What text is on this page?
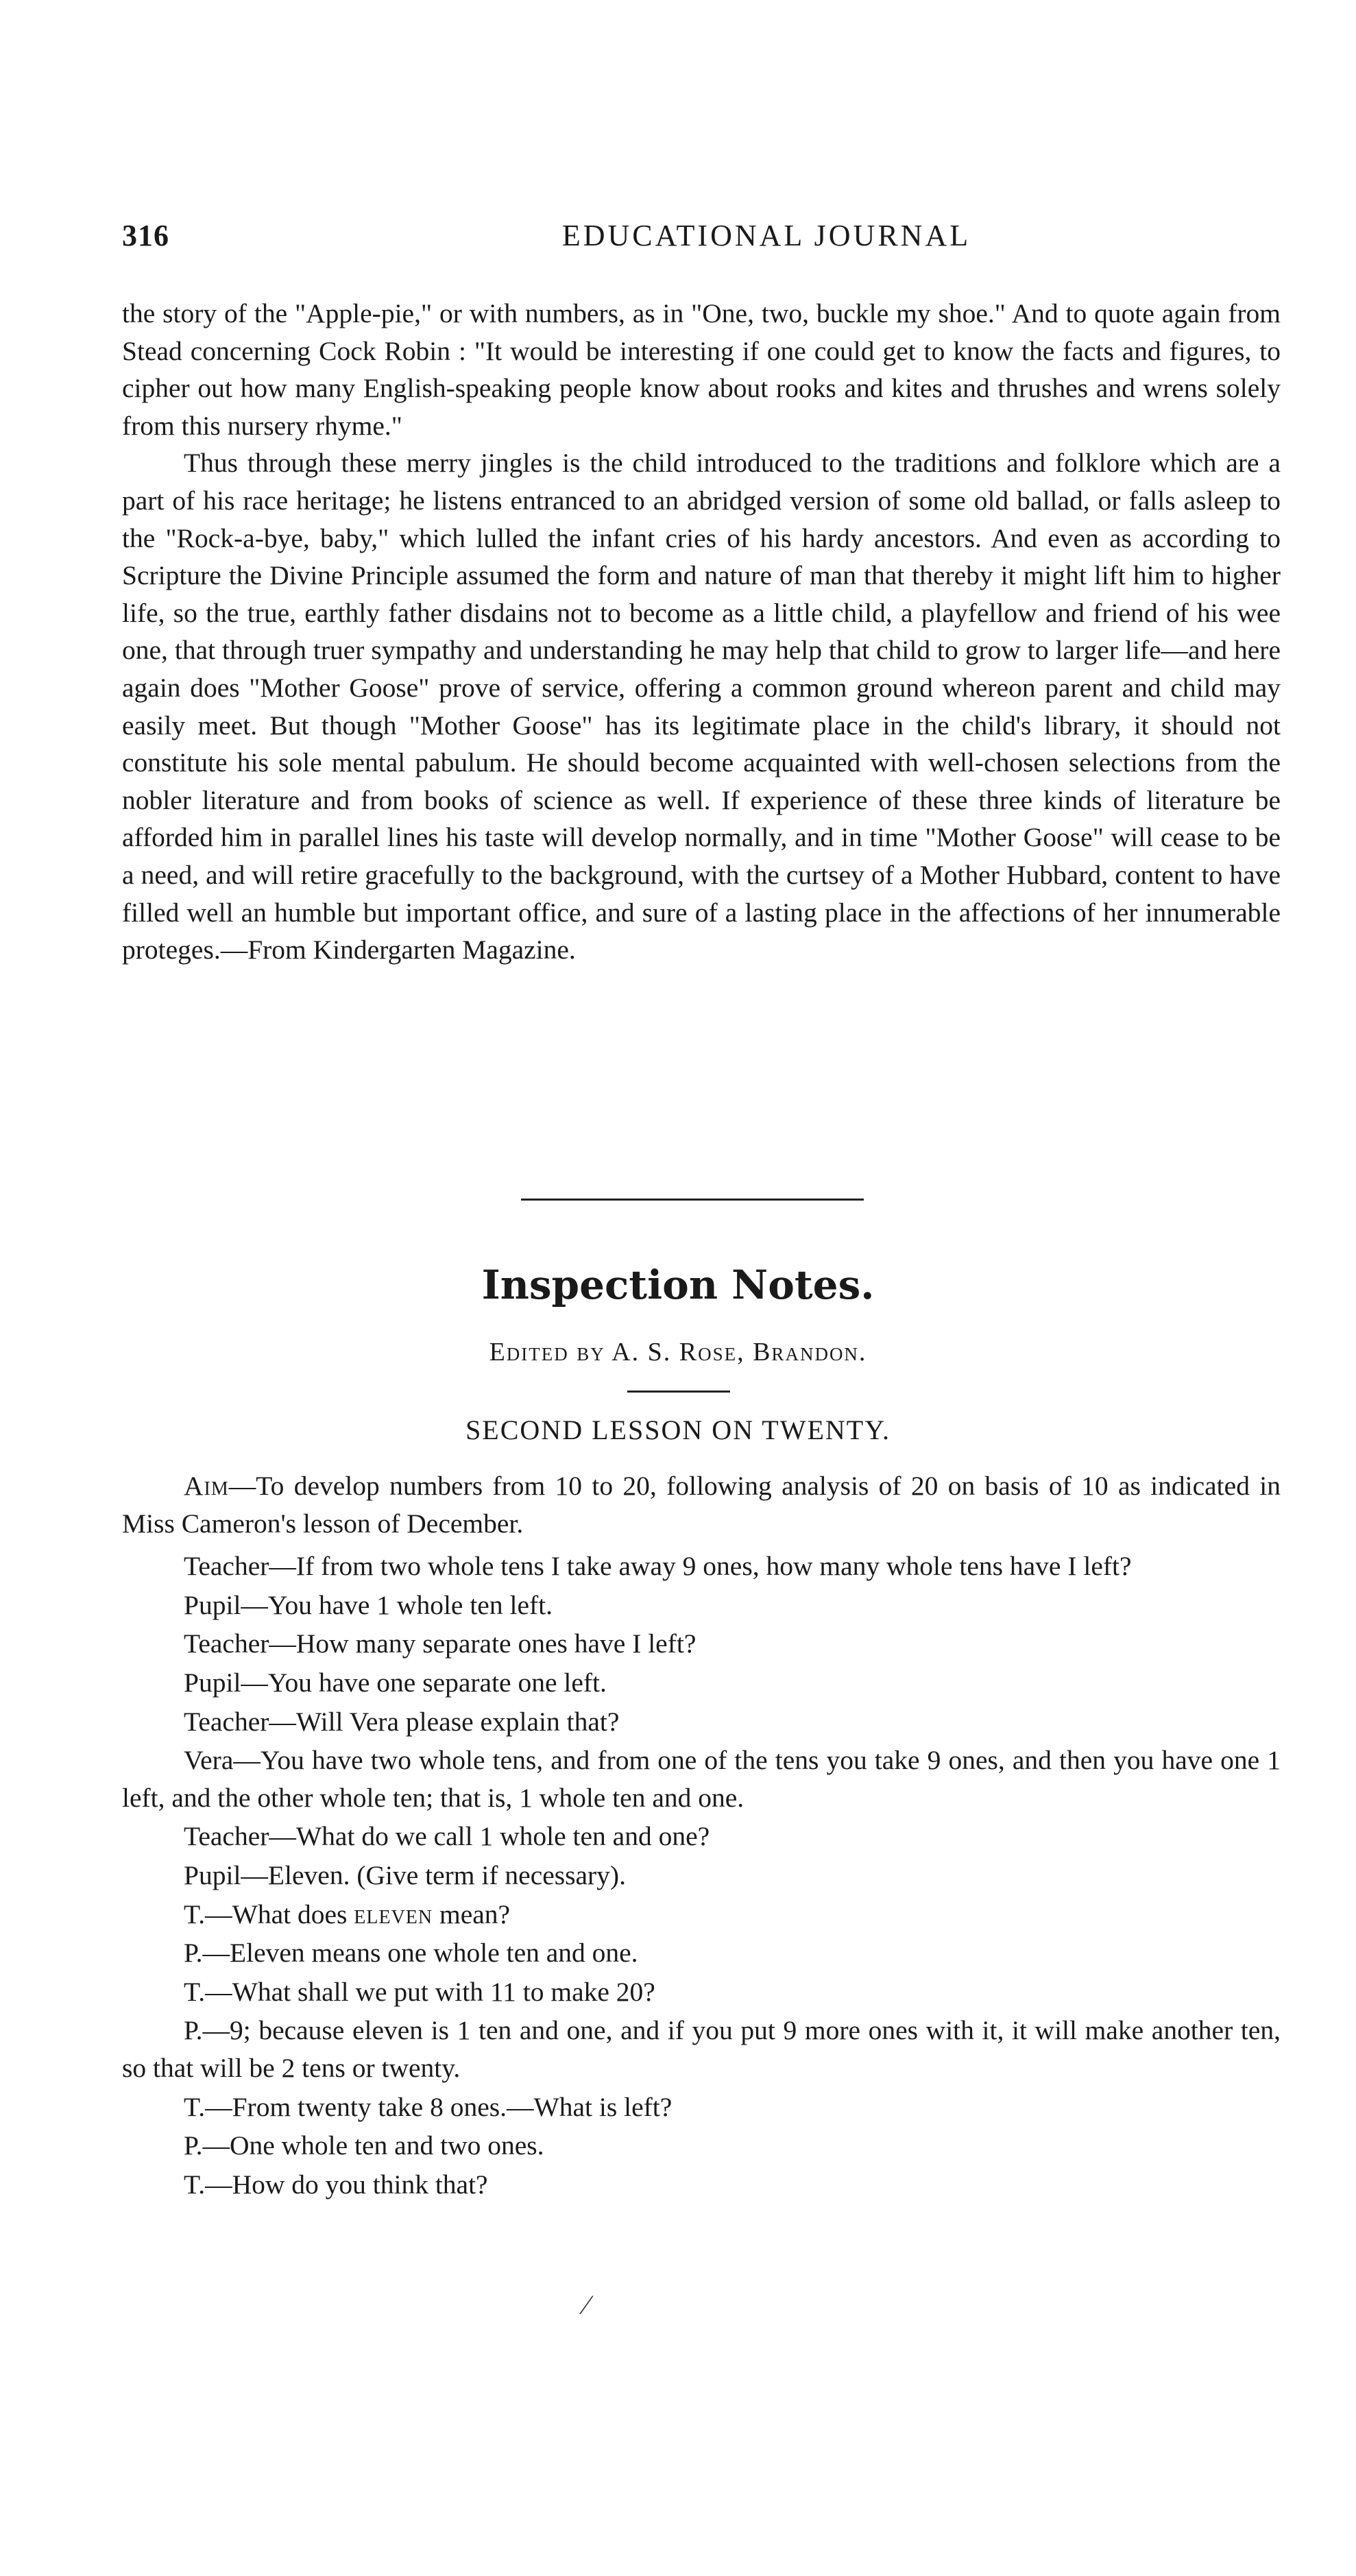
316	EDUCATIONAL JOURNAL

the story of the "Apple-pie," or with numbers, as in "One, two, buckle my shoe." And to quote again from Stead concerning Cock Robin : "It would be interesting if one could get to know the facts and figures, to cipher out how many English-speaking people know about rooks and kites and thrushes and wrens solely from this nursery rhyme."

Thus through these merry jingles is the child introduced to the traditions and folklore which are a part of his race heritage; he listens entranced to an abridged version of some old ballad, or falls asleep to the "Rock-a-bye, baby," which lulled the infant cries of his hardy ancestors. And even as according to Scripture the Divine Principle assumed the form and nature of man that thereby it might lift him to higher life, so the true, earthly father disdains not to become as a little child, a playfellow and friend of his wee one, that through truer sympathy and understanding he may help that child to grow to larger life—and here again does "Mother Goose" prove of service, offering a common ground whereon parent and child may easily meet. But though "Mother Goose" has its legitimate place in the child's library, it should not constitute his sole mental pabulum. He should become acquainted with well-chosen selections from the nobler literature and from books of science as well. If experience of these three kinds of literature be afforded him in parallel lines his taste will develop normally, and in time "Mother Goose" will cease to be a need, and will retire gracefully to the background, with the curtsey of a Mother Hubbard, content to have filled well an humble but important office, and sure of a lasting place in the affections of her innumerable proteges.—From Kindergarten Magazine.

Inspection Notes.
Edited by A. S. Rose, Brandon.
SECOND LESSON ON TWENTY.

Aim—To develop numbers from 10 to 20, following analysis of 20 on basis of 10 as indicated in Miss Cameron's lesson of December.

Teacher—If from two whole tens I take away 9 ones, how many whole tens have I left?

Pupil—You have 1 whole ten left.

Teacher—How many separate ones have I left?

Pupil—You have one separate one left.

Teacher—Will Vera please explain that?

Vera—You have two whole tens, and from one of the tens you take 9 ones, and then you have one 1 left, and the other whole ten; that is, 1 whole ten and one.

Teacher—What do we call 1 whole ten and one?

Pupil—Eleven. (Give term if necessary).

T.—What does eleven mean?

P.—Eleven means one whole ten and one.

T.—What shall we put with 11 to make 20?

P.—9; because eleven is 1 ten and one, and if you put 9 more ones with it, it will make another ten, so that will be 2 tens or twenty.

T.—From twenty take 8 ones.—What is left?

P.—One whole ten and two ones.

T.—How do you think that?

⁄
